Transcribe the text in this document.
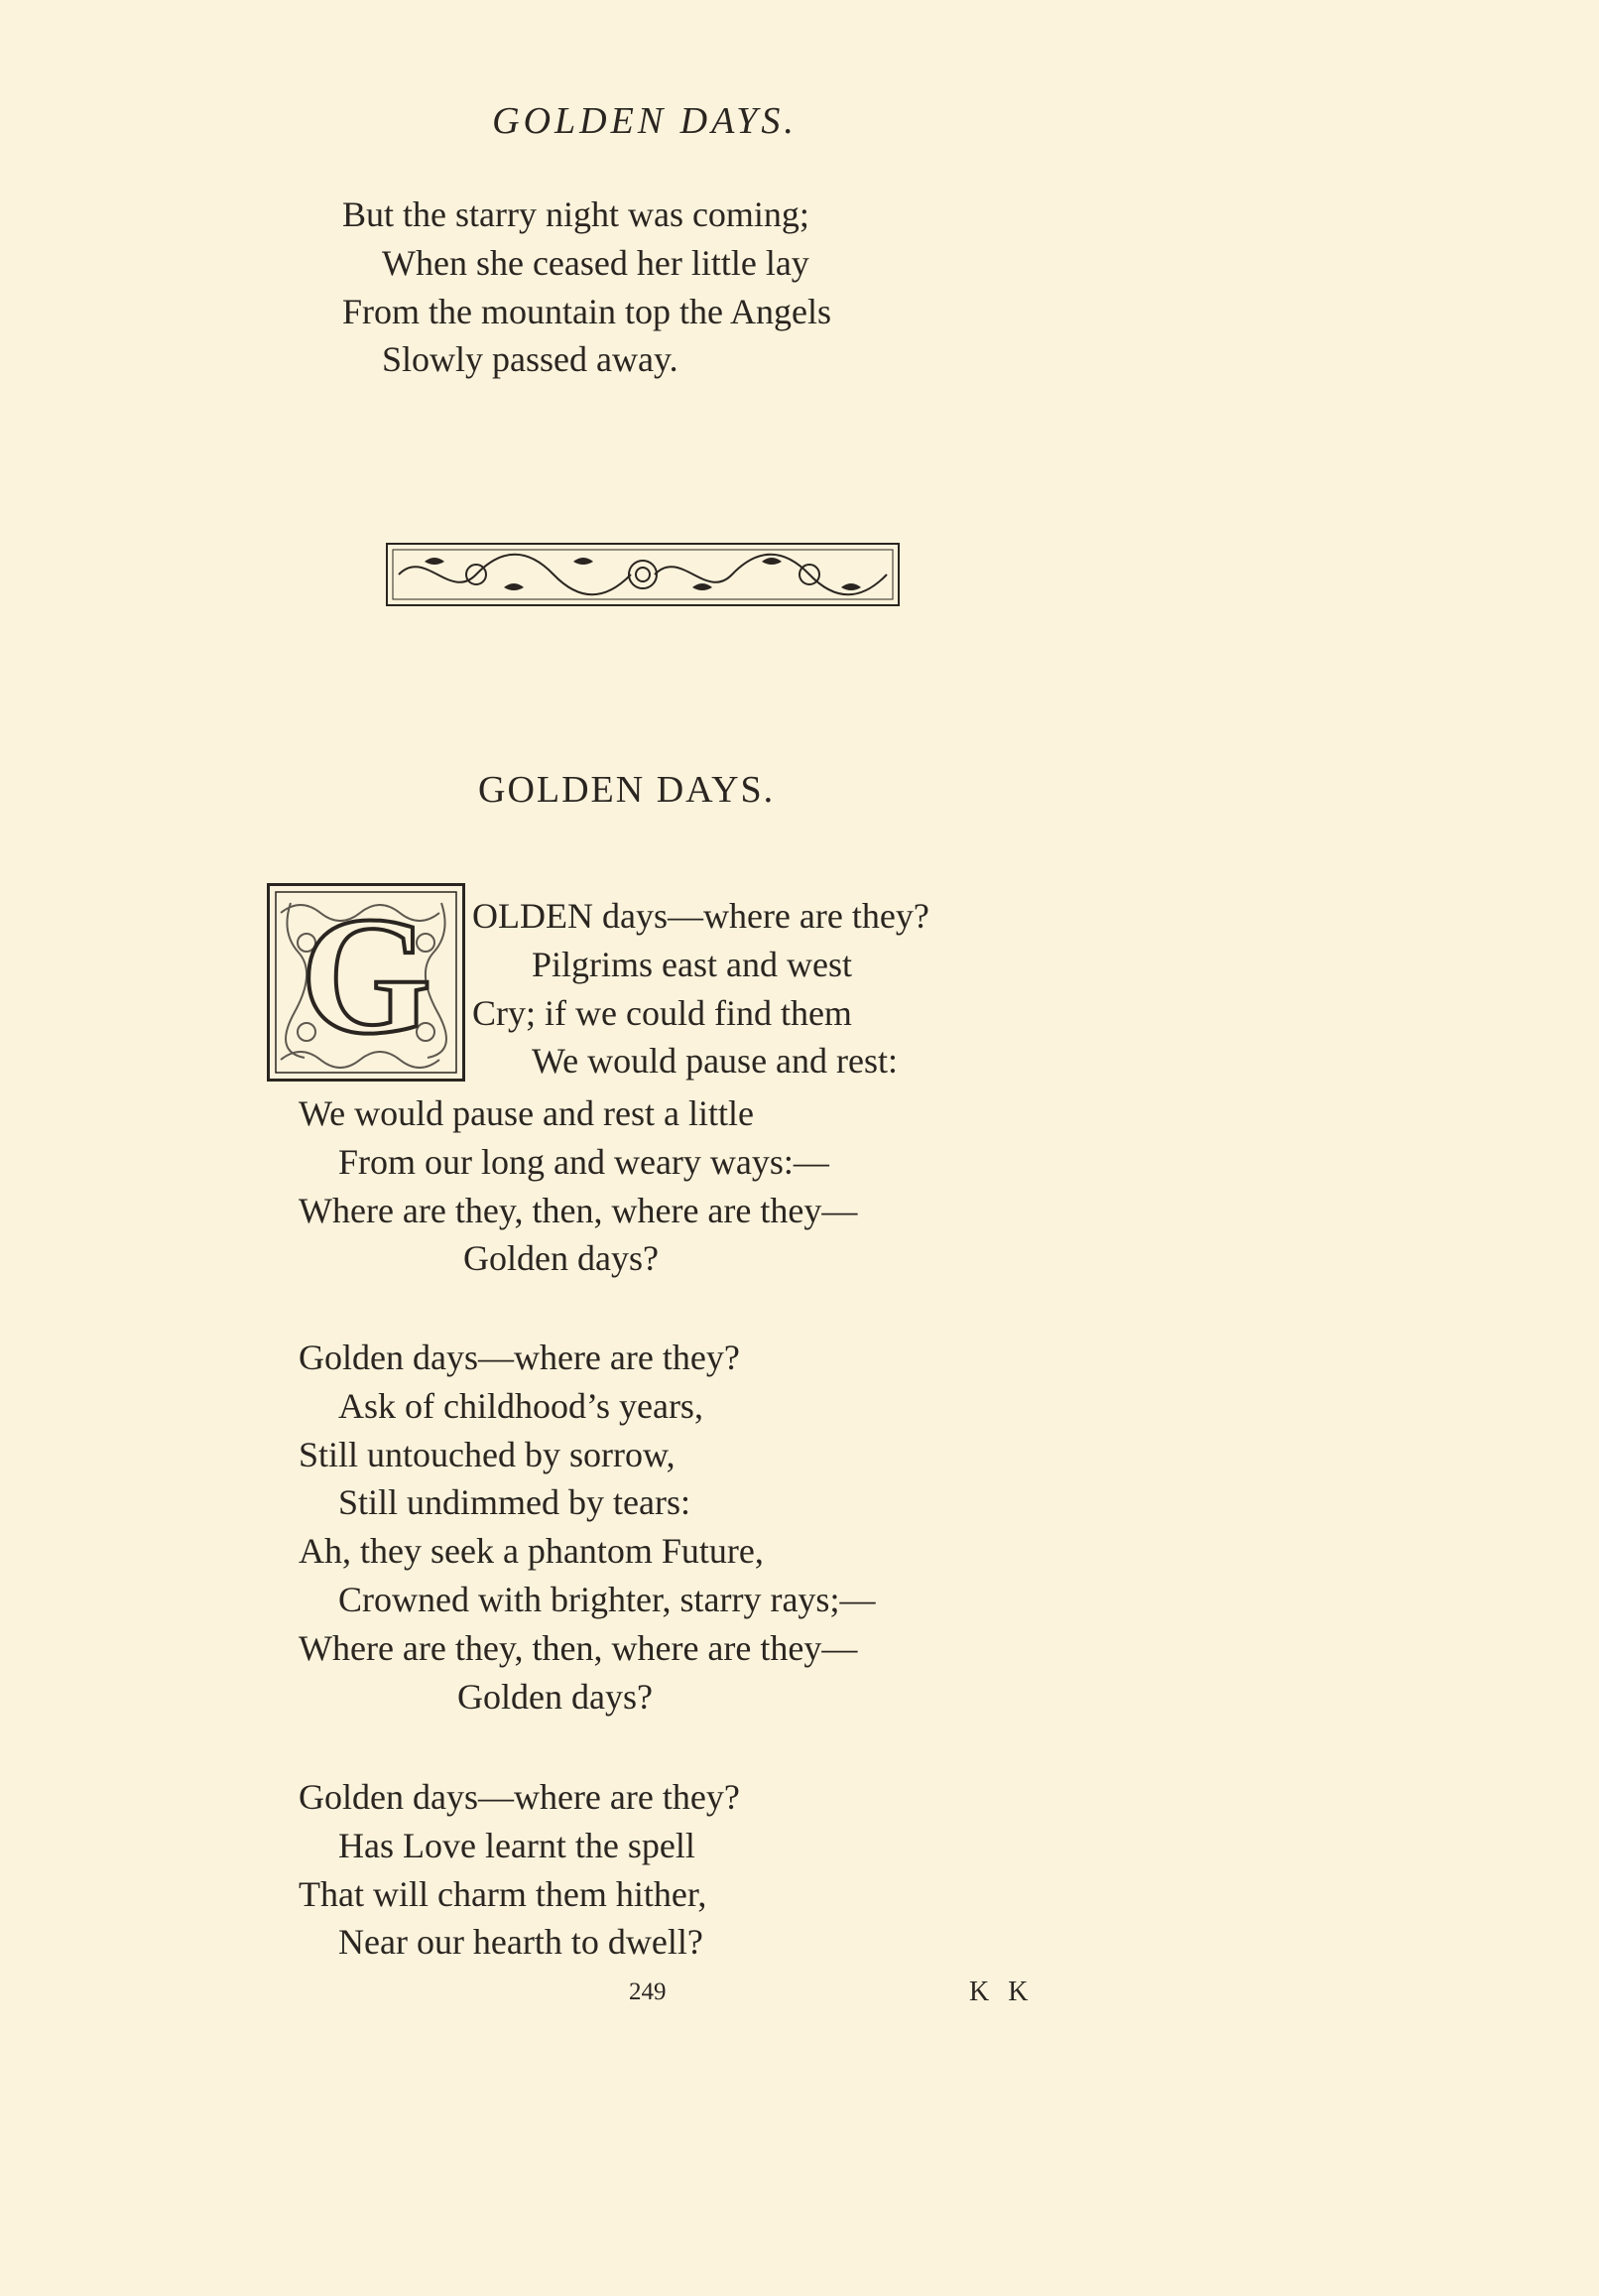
GOLDEN DAYS.
But the starry night was coming;
When she ceased her little lay
From the mountain top the Angels
Slowly passed away.
GOLDEN DAYS.
G OLDEN days—where are they?
Pilgrims east and west
Cry; if we could find them
We would pause and rest:
We would pause and rest a little
From our long and weary ways:—
Where are they, then, where are they—
Golden days?
Golden days—where are they?
Ask of childhood’s years,
Still untouched by sorrow,
Still undimmed by tears:
Ah, they seek a phantom Future,
Crowned with brighter, starry rays;—
Where are they, then, where are they—
Golden days?
Golden days—where are they?
Has Love learnt the spell
That will charm them hither,
Near our hearth to dwell?
249	K K
